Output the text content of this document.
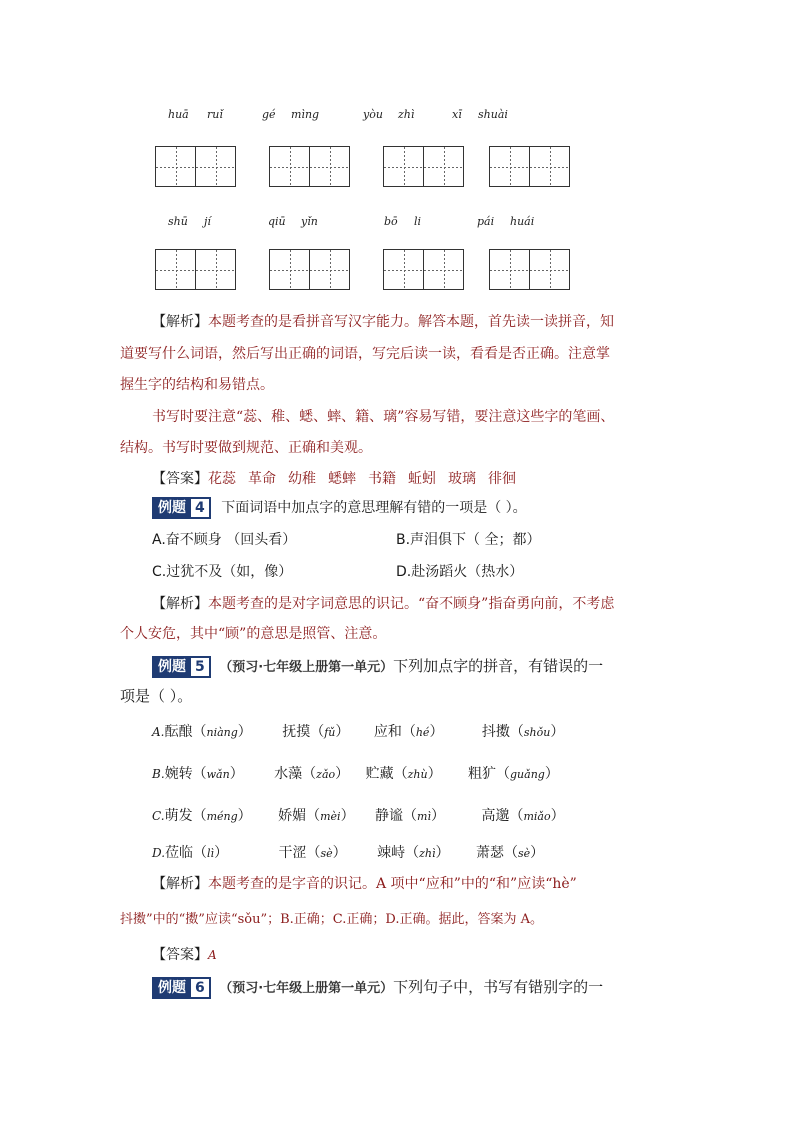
huā ruǐ	gé mìng	yòu zhì	xī shuài
shū jí	qiū yǐn	bō li	pái huái
【解析】本题考查的是看拼音写汉字能力。解答本题，首先读一读拼音，知
道要写什么词语，然后写出正确的词语，写完后读一读，看看是否正确。注意掌
握生字的结构和易错点。
书写时要注意“蕊、稚、蟋、蟀、籍、璃”容易写错，要注意这些字的笔画、
结构。书写时要做到规范、正确和美观。
【答案】花蕊 革命 幼稚 蟋蟀 书籍 蚯蚓 玻璃 徘徊
例题 4 下面词语中加点字的意思理解有错的一项是（ ）。
A.奋不顾身 （回头看）	B.声泪俱下（ 全；都）
C.过犹不及（如，像）	D.赴汤蹈火（热水）
【解析】本题考查的是对字词意思的识记。“奋不顾身”指奋勇向前，不考虑
个人安危，其中“顾”的意思是照管、注意。
例题 5 （预习·七年级上册第一单元）下列加点字的拼音，有错误的一
项是（ ）。
A.酝酿（niàng） 抚摸（fǔ） 应和（hé） 抖擞（shǒu）
B.婉转（wǎn） 水藻（zǎo） 贮藏（zhù） 粗犷（guǎng）
C.萌发（méng） 娇媚（mèi） 静谧（mì） 高邈（miǎo）
D.莅临（lì）	干涩（sè） 竦峙（zhì） 萧瑟（sè）
【解析】本题考查的是字音的识记。A 项中“应和”中的“和”应读“hè”
抖擞”中的“擞”应读“sǒu”；B.正确；C.正确；D.正确。据此，答案为 A。
【答案】A
例题 6 （预习·七年级上册第一单元）下列句子中，书写有错别字的一
